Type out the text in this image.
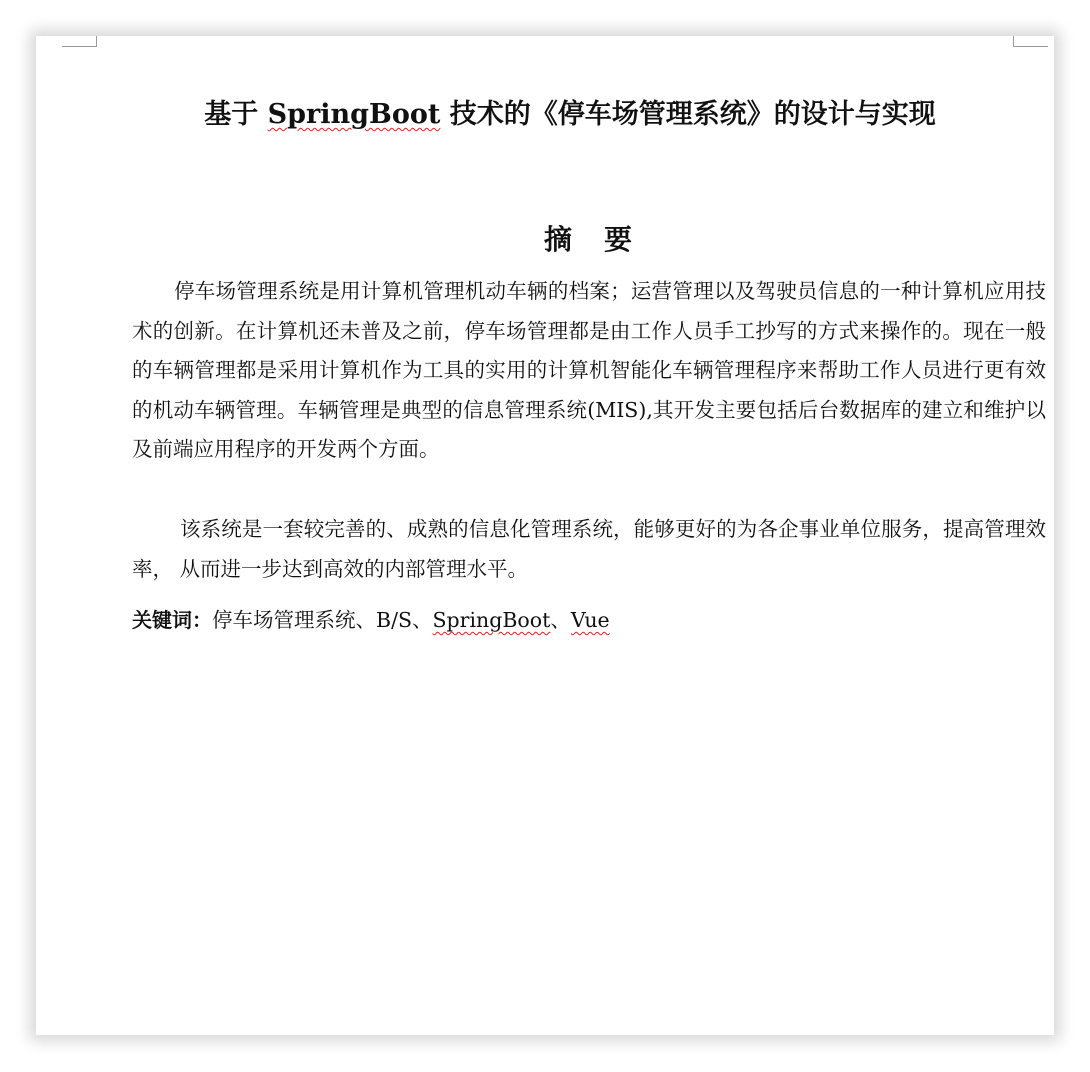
基于 SpringBoot 技术的《停车场管理系统》的设计与实现
摘　要

停车场管理系统是用计算机管理机动车辆的档案；运营管理以及驾驶员信息的一种计算机应用技术的创新。在计算机还未普及之前，停车场管理都是由工作人员手工抄写的方式来操作的。现在一般的车辆管理都是采用计算机作为工具的实用的计算机智能化车辆管理程序来帮助工作人员进行更有效的机动车辆管理。车辆管理是典型的信息管理系统(MIS),其开发主要包括后台数据库的建立和维护以及前端应用程序的开发两个方面。

该系统是一套较完善的、成熟的信息化管理系统，能够更好的为各企事业单位服务，提高管理效率， 从而进一步达到高效的内部管理水平。

关键词：停车场管理系统、B/S、SpringBoot、Vue
